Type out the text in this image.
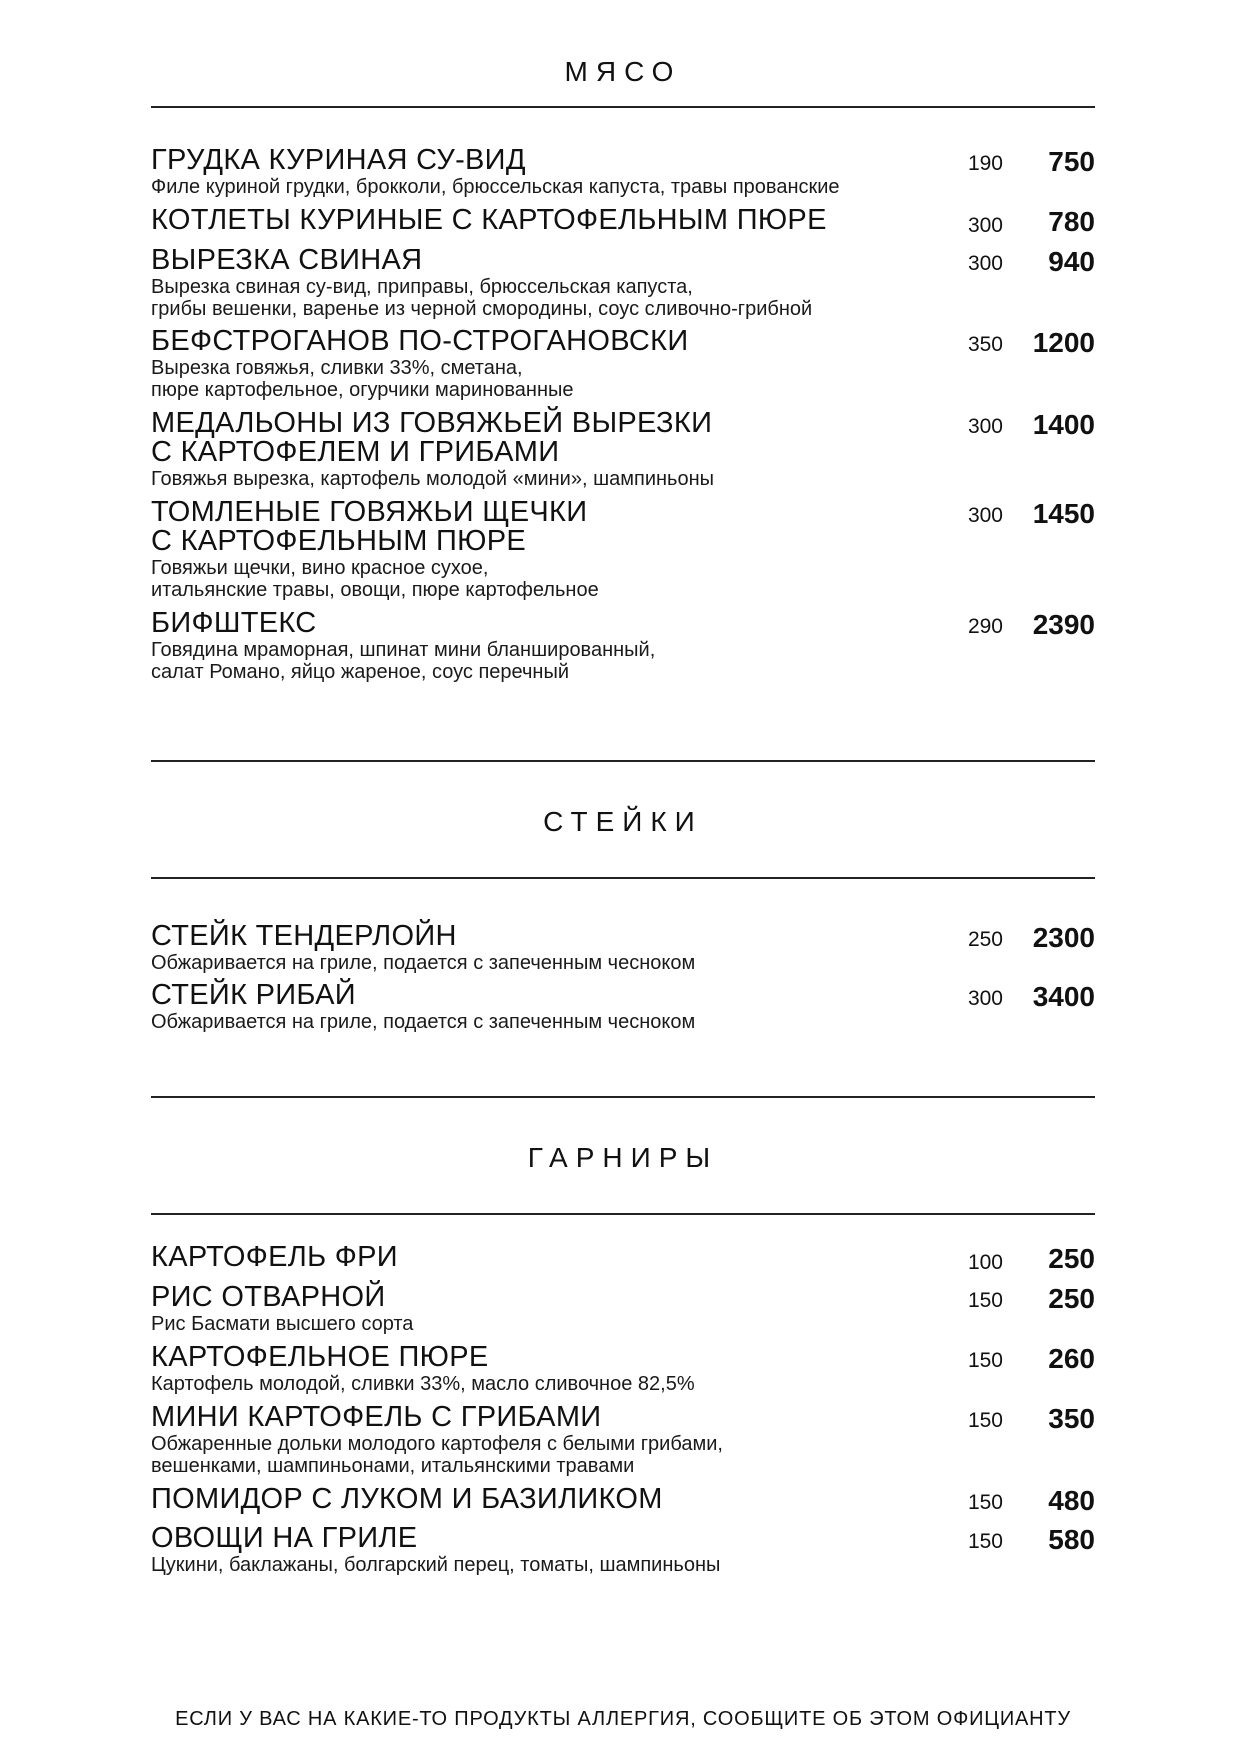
МЯСО
ГРУДКА КУРИНАЯ СУ-ВИД
Филе куриной грудки, брокколи, брюссельская капуста, травы прованские
190	750
КОТЛЕТЫ КУРИНЫЕ С КАРТОФЕЛЬНЫМ ПЮРЕ	300	780
ВЫРЕЗКА СВИНАЯ
Вырезка свиная су-вид, приправы, брюссельская капуста,
грибы вешенки, варенье из черной смородины, соус сливочно-грибной
300	940
БЕФСТРОГАНОВ ПО-СТРОГАНОВСКИ
Вырезка говяжья, сливки 33%, сметана,
пюре картофельное, огурчики маринованные
350	1200
МЕДАЛЬОНЫ ИЗ ГОВЯЖЬЕЙ ВЫРЕЗКИ
С КАРТОФЕЛЕМ И ГРИБАМИ
Говяжья вырезка, картофель молодой «мини», шампиньоны
300	1400
ТОМЛЕНЫЕ ГОВЯЖЬИ ЩЕЧКИ
С КАРТОФЕЛЬНЫМ ПЮРЕ
Говяжьи щечки, вино красное сухое,
итальянские травы, овощи, пюре картофельное
300	1450
БИФШТЕКС
Говядина мраморная, шпинат мини бланшированный,
салат Романо, яйцо жареное, соус перечный
290	2390
СТЕЙКИ
СТЕЙК ТЕНДЕРЛОЙН
Обжаривается на гриле, подается с запеченным чесноком
250	2300
СТЕЙК РИБАЙ
Обжаривается на гриле, подается с запеченным чесноком
300	3400
ГАРНИРЫ
КАРТОФЕЛЬ ФРИ	100	250
РИС ОТВАРНОЙ
Рис Басмати высшего сорта
150	250
КАРТОФЕЛЬНОЕ ПЮРЕ
Картофель молодой, сливки 33%, масло сливочное 82,5%
150	260
МИНИ КАРТОФЕЛЬ С ГРИБАМИ
Обжаренные дольки молодого картофеля с белыми грибами,
вешенками, шампиньонами, итальянскими травами
150	350
ПОМИДОР С ЛУКОМ И БАЗИЛИКОМ	150	480
ОВОЩИ НА ГРИЛЕ
Цукини, баклажаны, болгарский перец, томаты, шампиньоны
150	580
ЕСЛИ У ВАС НА КАКИЕ-ТО ПРОДУКТЫ АЛЛЕРГИЯ, СООБЩИТЕ ОБ ЭТОМ ОФИЦИАНТУ
